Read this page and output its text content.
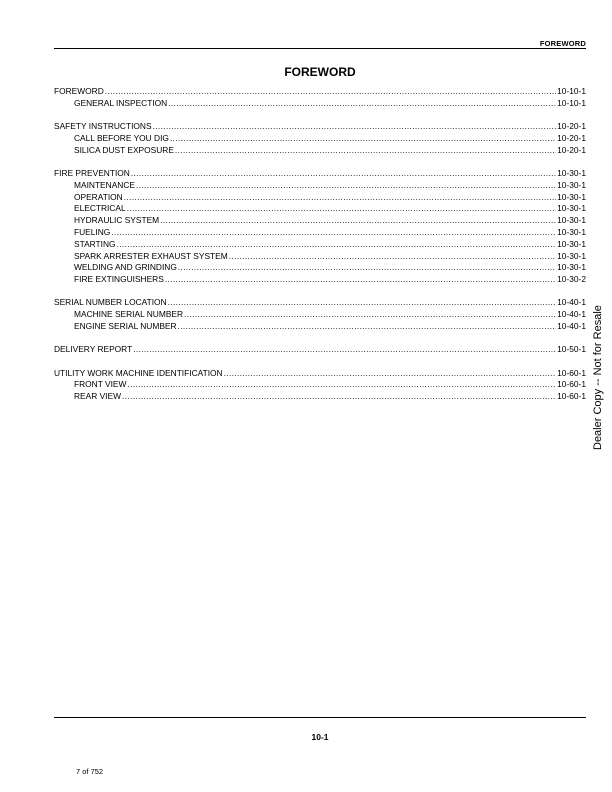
FOREWORD
FOREWORD
FOREWORD .....	10-10-1
GENERAL INSPECTION .....	10-10-1
SAFETY INSTRUCTIONS .....	10-20-1
CALL BEFORE YOU DIG .....	10-20-1
SILICA DUST EXPOSURE .....	10-20-1
FIRE PREVENTION .....	10-30-1
MAINTENANCE .....	10-30-1
OPERATION .....	10-30-1
ELECTRICAL .....	10-30-1
HYDRAULIC SYSTEM .....	10-30-1
FUELING .....	10-30-1
STARTING .....	10-30-1
SPARK ARRESTER EXHAUST SYSTEM .....	10-30-1
WELDING AND GRINDING .....	10-30-1
FIRE EXTINGUISHERS .....	10-30-2
SERIAL NUMBER LOCATION .....	10-40-1
MACHINE SERIAL NUMBER .....	10-40-1
ENGINE SERIAL NUMBER .....	10-40-1
DELIVERY REPORT .....	10-50-1
UTILITY WORK MACHINE IDENTIFICATION .....	10-60-1
FRONT VIEW .....	10-60-1
REAR VIEW .....	10-60-1 Dealer Copy -- Not for Resale
10-1
7 of 752
